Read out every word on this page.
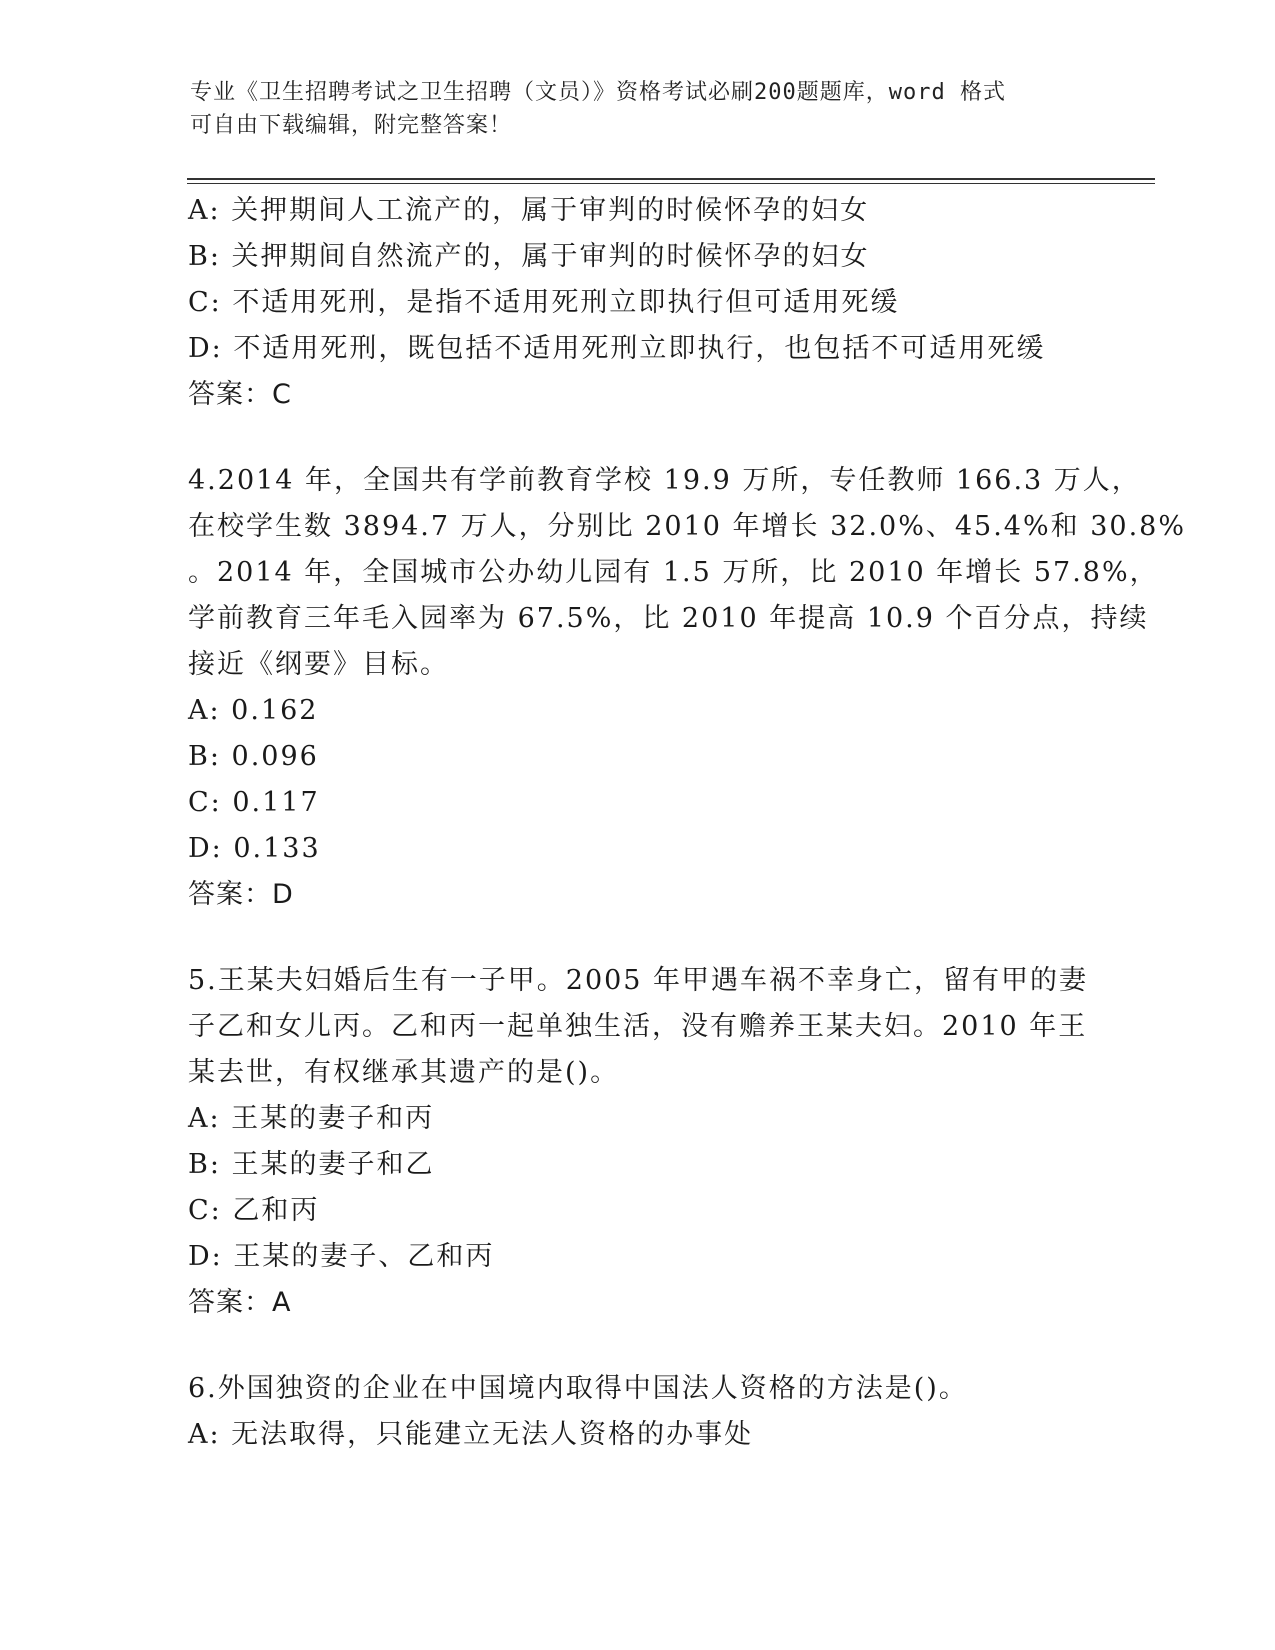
专业《卫生招聘考试之卫生招聘（文员）》资格考试必刷200题题库，word 格式
可自由下载编辑，附完整答案！
A: 关押期间人工流产的，属于审判的时候怀孕的妇女
B: 关押期间自然流产的，属于审判的时候怀孕的妇女
C: 不适用死刑，是指不适用死刑立即执行但可适用死缓
D: 不适用死刑，既包括不适用死刑立即执行，也包括不可适用死缓
答案：C
4.2014 年，全国共有学前教育学校 19.9 万所，专任教师 166.3 万人，
在校学生数 3894.7 万人，分别比 2010 年增长 32.0%、45.4%和 30.8%
。2014 年，全国城市公办幼儿园有 1.5 万所，比 2010 年增长 57.8%，
学前教育三年毛入园率为 67.5%，比 2010 年提高 10.9 个百分点，持续
接近《纲要》目标。
A: 0.162
B: 0.096
C: 0.117
D: 0.133
答案：D
5.王某夫妇婚后生有一子甲。2005 年甲遇车祸不幸身亡，留有甲的妻
子乙和女儿丙。乙和丙一起单独生活，没有赡养王某夫妇。2010 年王
某去世，有权继承其遗产的是()。
A: 王某的妻子和丙
B: 王某的妻子和乙
C: 乙和丙
D: 王某的妻子、乙和丙
答案：A
6.外国独资的企业在中国境内取得中国法人资格的方法是()。
A: 无法取得，只能建立无法人资格的办事处
